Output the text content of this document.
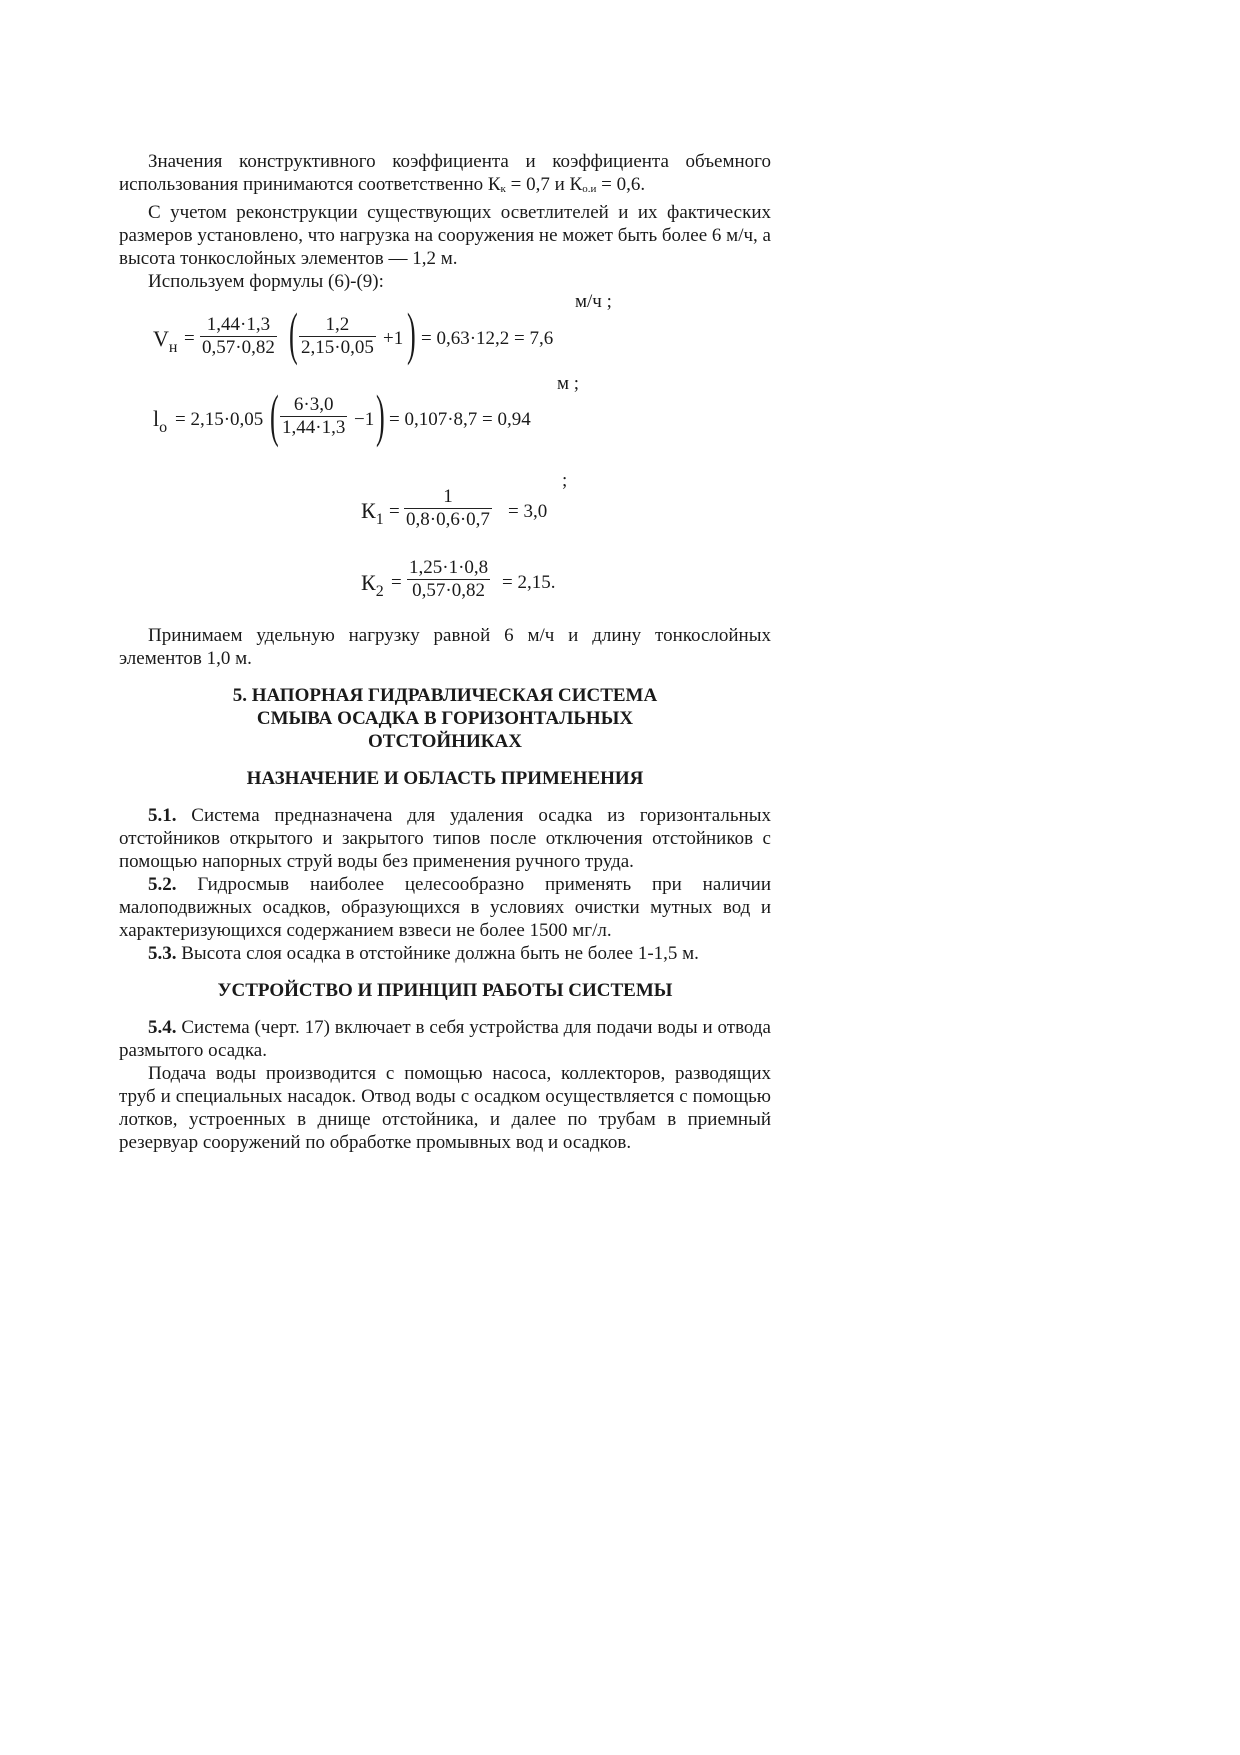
Значения конструктивного коэффициента и коэффициента объемного использования принимаются соответственно $К_к = 0,7$ и $К_{о.и} = 0,6$.

С учетом реконструкции существующих осветлителей и их фактических размеров установлено, что нагрузка на сооружения не может быть более 6 м/ч, а высота тонкослойных элементов — 1,2 м.

Используем формулы (6)-(9):

м/ч ;
$V_н$ =
1,44·1,3
0,57·0,82 (	1,2
2,15·0,05 +1 ) = 0,63·12,2 = 7,6
м ;
$l_о = 2,15\cdot 0,05$ ( 6·3,0
1,44·1,3 −1 ) = 0,107·8,7 = 0,94
;
$К_1$ =
1
0,8·0,6·0,7 = 3,0
$К_2$ =
1,25·1·0,8
0,57·0,82 = 2,15.

Принимаем удельную нагрузку равной 6 м/ч и длину тонкослойных элементов 1,0 м.

5. НАПОРНАЯ ГИДРАВЛИЧЕСКАЯ СИСТЕМА СМЫВА ОСАДКА В ГОРИЗОНТАЛЬНЫХ ОТСТОЙНИКАХ

НАЗНАЧЕНИЕ И ОБЛАСТЬ ПРИМЕНЕНИЯ

5.1. Система предназначена для удаления осадка из горизонтальных отстойников открытого и закрытого типов после отключения отстойников с помощью напорных струй воды без применения ручного труда.

5.2. Гидросмыв наиболее целесообразно применять при наличии малоподвижных осадков, образующихся в условиях очистки мутных вод и характеризующихся содержанием взвеси не более 1500 мг/л.

5.3. Высота слоя осадка в отстойнике должна быть не более 1-1,5 м.

УСТРОЙСТВО И ПРИНЦИП РАБОТЫ СИСТЕМЫ

5.4. Система (черт. 17) включает в себя устройства для подачи воды и отвода размытого осадка.

Подача воды производится с помощью насоса, коллекторов, разводящих труб и специальных насадок. Отвод воды с осадком осуществляется с помощью лотков, устроенных в днище отстойника, и далее по трубам в приемный резервуар сооружений по обработке промывных вод и осадков.
